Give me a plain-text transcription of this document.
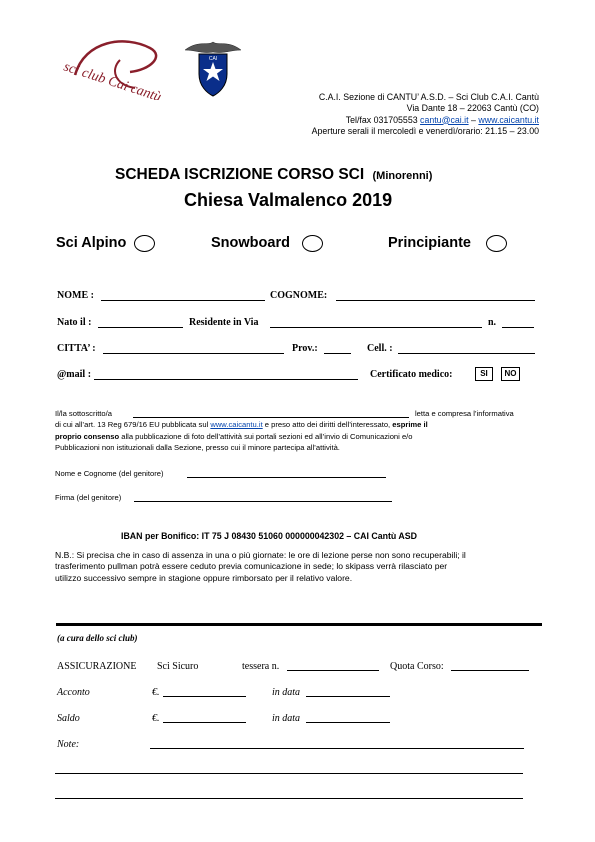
sci club Cai cantù
CAI
C.A.I. Sezione di CANTU’ A.S.D. – Sci Club C.A.I. Cantù
Via Dante 18 – 22063 Cantù (CO)
Tel/fax 031705553 cantu@cai.it – www.caicantu.it
Aperture serali il mercoledì e venerdì/orario: 21.15 – 23.00
SCHEDA ISCRIZIONE CORSO SCI (Minorenni)
Chiesa Valmalenco 2019
Sci Alpino	Snowboard	Principiante
NOME :	COGNOME:
Nato il :	Residente in Via	n.
CITTA’ :	Prov.:	Cell. :
@mail :	Certificato medico:	SI	NO
Il/la sottoscritto/a	letta e compresa l’informativa
di cui all’art. 13 Reg 679/16 EU pubblicata sul www.caicantu.it e preso atto dei diritti dell’interessato, esprime il
proprio consenso alla pubblicazione di foto dell’attività sui portali sezioni ed all’invio di Comunicazioni e/o
Pubblicazioni non istituzionali dalla Sezione, presso cui il minore partecipa all’attività.
Nome e Cognome (del genitore)
Firma (del genitore)
IBAN per Bonifico: IT 75 J 08430 51060 000000042302 – CAI Cantù ASD
N.B.: Si precisa che in caso di assenza in una o più giornate: le ore di lezione perse non sono recuperabili; il
trasferimento pullman potrà essere ceduto previa comunicazione in sede; lo skipass verrà rilasciato per
utilizzo successivo sempre in stagione oppure rimborsato per il relativo valore.
(a cura dello sci club)
ASSICURAZIONE Sci Sicuro	tessera n.	Quota Corso:
Acconto	€.	in data
Saldo	€.	in data
Note:
